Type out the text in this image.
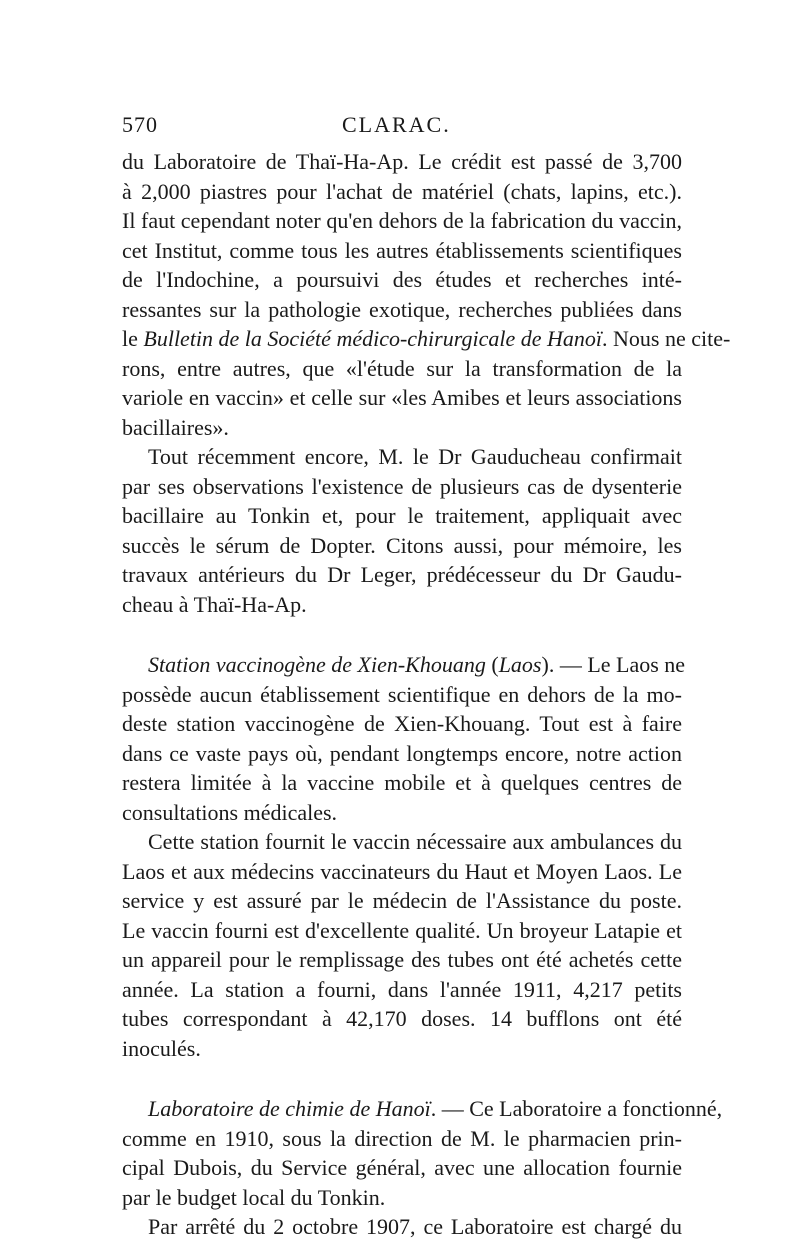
570	CLARAC.
du Laboratoire de Thaï-Ha-Ap. Le crédit est passé de 3,700
à 2,000 piastres pour l'achat de matériel (chats, lapins, etc.).
Il faut cependant noter qu'en dehors de la fabrication du vaccin,
cet Institut, comme tous les autres établissements scientifiques
de l'Indochine, a poursuivi des études et recherches inté-
ressantes sur la pathologie exotique, recherches publiées dans
le Bulletin de la Société médico-chirurgicale de Hanoï. Nous ne cite-
rons, entre autres, que «l'étude sur la transformation de la
variole en vaccin» et celle sur «les Amibes et leurs associations
bacillaires».
Tout récemment encore, M. le Dr Gauducheau confirmait
par ses observations l'existence de plusieurs cas de dysenterie
bacillaire au Tonkin et, pour le traitement, appliquait avec
succès le sérum de Dopter. Citons aussi, pour mémoire, les
travaux antérieurs du Dr Leger, prédécesseur du Dr Gaudu-
cheau à Thaï-Ha-Ap.
Station vaccinogène de Xien-Khouang (Laos). — Le Laos ne
possède aucun établissement scientifique en dehors de la mo-
deste station vaccinogène de Xien-Khouang. Tout est à faire
dans ce vaste pays où, pendant longtemps encore, notre action
restera limitée à la vaccine mobile et à quelques centres de
consultations médicales.
Cette station fournit le vaccin nécessaire aux ambulances du
Laos et aux médecins vaccinateurs du Haut et Moyen Laos. Le
service y est assuré par le médecin de l'Assistance du poste.
Le vaccin fourni est d'excellente qualité. Un broyeur Latapie et
un appareil pour le remplissage des tubes ont été achetés cette
année. La station a fourni, dans l'année 1911, 4,217 petits
tubes correspondant à 42,170 doses. 14 bufflons ont été
inoculés.
Laboratoire de chimie de Hanoï. — Ce Laboratoire a fonctionné,
comme en 1910, sous la direction de M. le pharmacien prin-
cipal Dubois, du Service général, avec une allocation fournie
par le budget local du Tonkin.
Par arrêté du 2 octobre 1907, ce Laboratoire est chargé du
